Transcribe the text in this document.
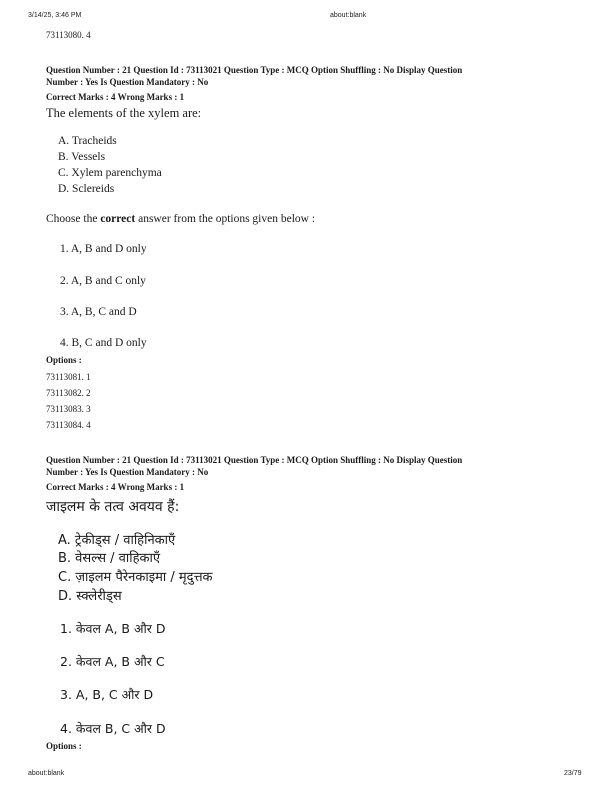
3/14/25, 3:46 PM	about:blank
73113080. 4
Question Number : 21 Question Id : 73113021 Question Type : MCQ Option Shuffling : No Display Question
Number : Yes Is Question Mandatory : No
Correct Marks : 4 Wrong Marks : 1
The elements of the xylem are:
A. Tracheids
B. Vessels
C. Xylem parenchyma
D. Sclereids
Choose the correct answer from the options given below :
1. A, B and D only
2. A, B and C only
3. A, B, C and D
4. B, C and D only
Options :
73113081. 1
73113082. 2
73113083. 3
73113084. 4
Question Number : 21 Question Id : 73113021 Question Type : MCQ Option Shuffling : No Display Question
Number : Yes Is Question Mandatory : No
Correct Marks : 4 Wrong Marks : 1
जाइलम के तत्व अवयव हैं:
A. ट्रेकीड्स / वाहिनिकाएँ
B. वेसल्स / वाहिकाएँ
C. ज़ाइलम पैरेनकाइमा / मृदुत्तक
D. स्क्लेरीड्स
1. केवल A, B और D
2. केवल A, B और C
3. A, B, C और D
4. केवल B, C और D
Options :
about:blank	23/79
